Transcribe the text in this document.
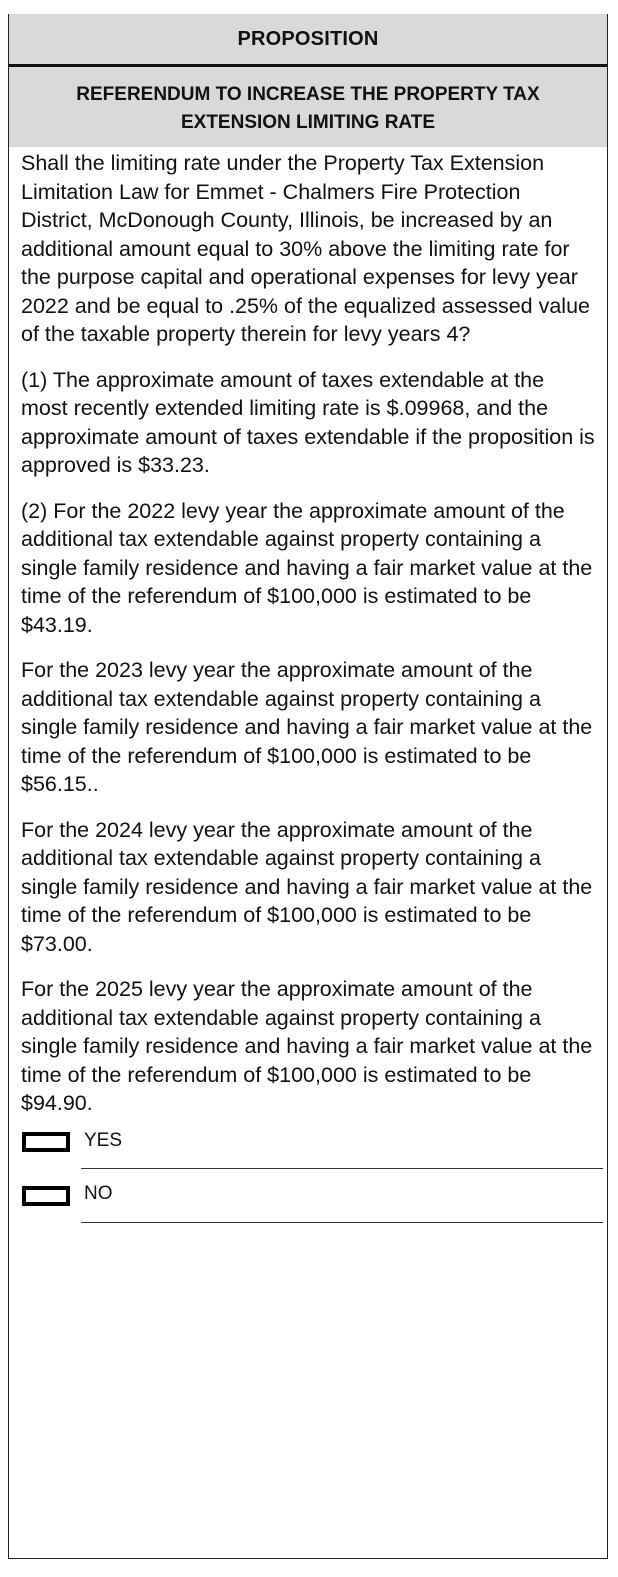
PROPOSITION
REFERENDUM TO INCREASE THE PROPERTY TAX
EXTENSION LIMITING RATE

Shall the limiting rate under the Property Tax Extension Limitation Law for Emmet - Chalmers Fire Protection District, McDonough County, Illinois, be increased by an additional amount equal to 30% above the limiting rate for the purpose capital and operational expenses for levy year 2022 and be equal to .25% of the equalized assessed value of the taxable property therein for levy years 4?

(1) The approximate amount of taxes extendable at the most recently extended limiting rate is $.09968, and the approximate amount of taxes extendable if the proposition is approved is $33.23.

(2) For the 2022 levy year the approximate amount of the additional tax extendable against property containing a single family residence and having a fair market value at the time of the referendum of $100,000 is estimated to be $43.19.

For the 2023 levy year the approximate amount of the additional tax extendable against property containing a single family residence and having a fair market value at the time of the referendum of $100,000 is estimated to be $56.15..

For the 2024 levy year the approximate amount of the additional tax extendable against property containing a single family residence and having a fair market value at the time of the referendum of $100,000 is estimated to be $73.00.

For the 2025 levy year the approximate amount of the additional tax extendable against property containing a single family residence and having a fair market value at the time of the referendum of $100,000 is estimated to be $94.90.

YES
NO
